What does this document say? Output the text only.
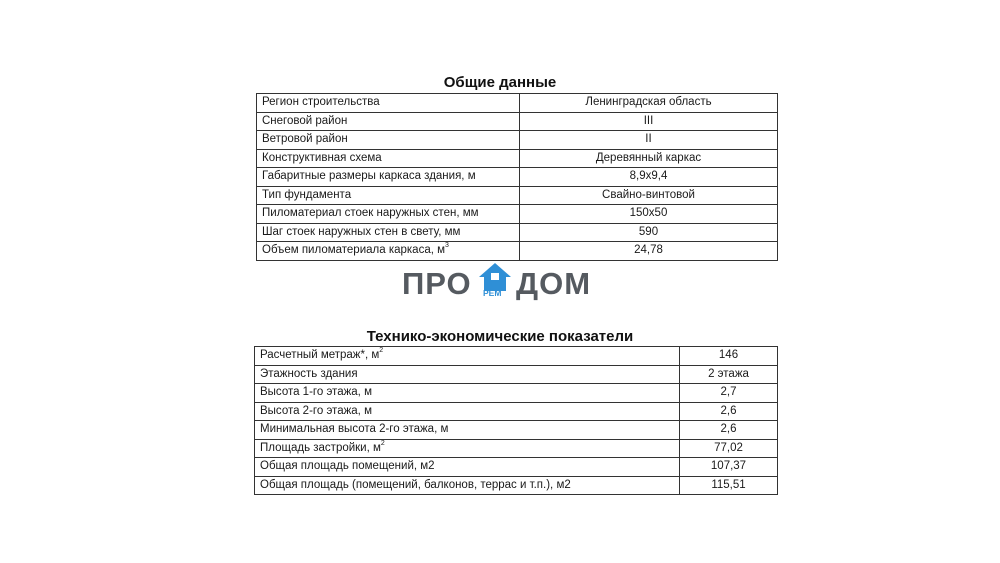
Общие данные
Регион строительства	Ленинградская область
Снеговой район	III
Ветровой район	II
Конструктивная схема	Деревянный каркас
Габаритные размеры каркаса здания, м	8,9x9,4
Тип фундамента	Свайно-винтовой
Пиломатериал стоек наружных стен, мм	150x50
Шаг стоек наружных стен в свету, мм	590
Объем пиломатериала каркаса, $м^3$	24,78
ПРО РЕМ ДОМ
Технико-экономические показатели
Расчетный метраж*, $м^2$	146
Этажность здания	2 этажа
Высота 1-го этажа, м	2,7
Высота 2-го этажа, м	2,6
Минимальная высота 2-го этажа, м	2,6
Площадь застройки, $м^2$	77,02
Общая площадь помещений, м2	107,37
Общая площадь (помещений, балконов, террас и т.п.), м2	115,51
